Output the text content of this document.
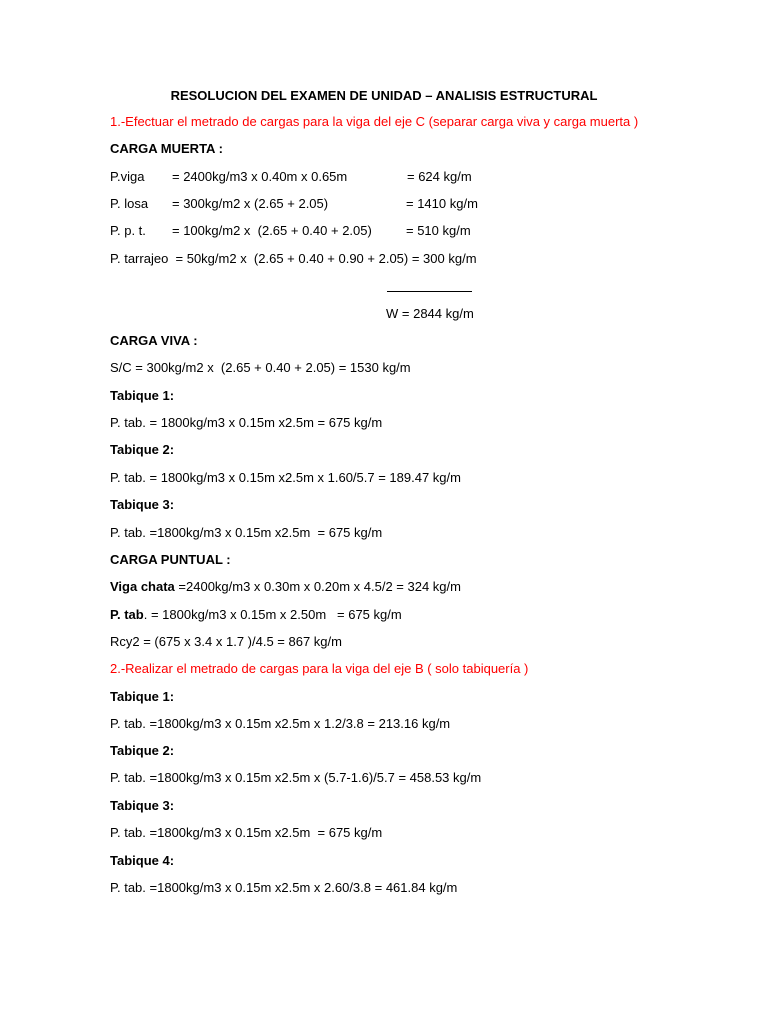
RESOLUCION DEL EXAMEN DE UNIDAD – ANALISIS ESTRUCTURAL
1.-Efectuar el metrado de cargas para la viga del eje C (separar carga viva y carga muerta )
CARGA MUERTA :
P.viga = 2400kg/m3 x 0.40m x 0.65m	= 624 kg/m
P. losa = 300kg/m2 x (2.65 + 2.05)	= 1410 kg/m
P. p. t. = 100kg/m2 x  (2.65 + 0.40 + 2.05)	= 510 kg/m
P. tarrajeo  = 50kg/m2 x  (2.65 + 0.40 + 0.90 + 2.05) = 300 kg/m
W = 2844 kg/m
CARGA VIVA :
S/C = 300kg/m2 x  (2.65 + 0.40 + 2.05) = 1530 kg/m
Tabique 1:
P. tab. = 1800kg/m3 x 0.15m x2.5m = 675 kg/m
Tabique 2:
P. tab. = 1800kg/m3 x 0.15m x2.5m x 1.60/5.7 = 189.47 kg/m
Tabique 3:
P. tab. =1800kg/m3 x 0.15m x2.5m  = 675 kg/m
CARGA PUNTUAL :
Viga chata =2400kg/m3 x 0.30m x 0.20m x 4.5/2 = 324 kg/m
P. tab. = 1800kg/m3 x 0.15m x 2.50m   = 675 kg/m
Rcy2 = (675 x 3.4 x 1.7 )/4.5 = 867 kg/m
2.-Realizar el metrado de cargas para la viga del eje B ( solo tabiquería )
Tabique 1:
P. tab. =1800kg/m3 x 0.15m x2.5m x 1.2/3.8 = 213.16 kg/m
Tabique 2:
P. tab. =1800kg/m3 x 0.15m x2.5m x (5.7-1.6)/5.7 = 458.53 kg/m
Tabique 3:
P. tab. =1800kg/m3 x 0.15m x2.5m  = 675 kg/m
Tabique 4:
P. tab. =1800kg/m3 x 0.15m x2.5m x 2.60/3.8 = 461.84 kg/m
